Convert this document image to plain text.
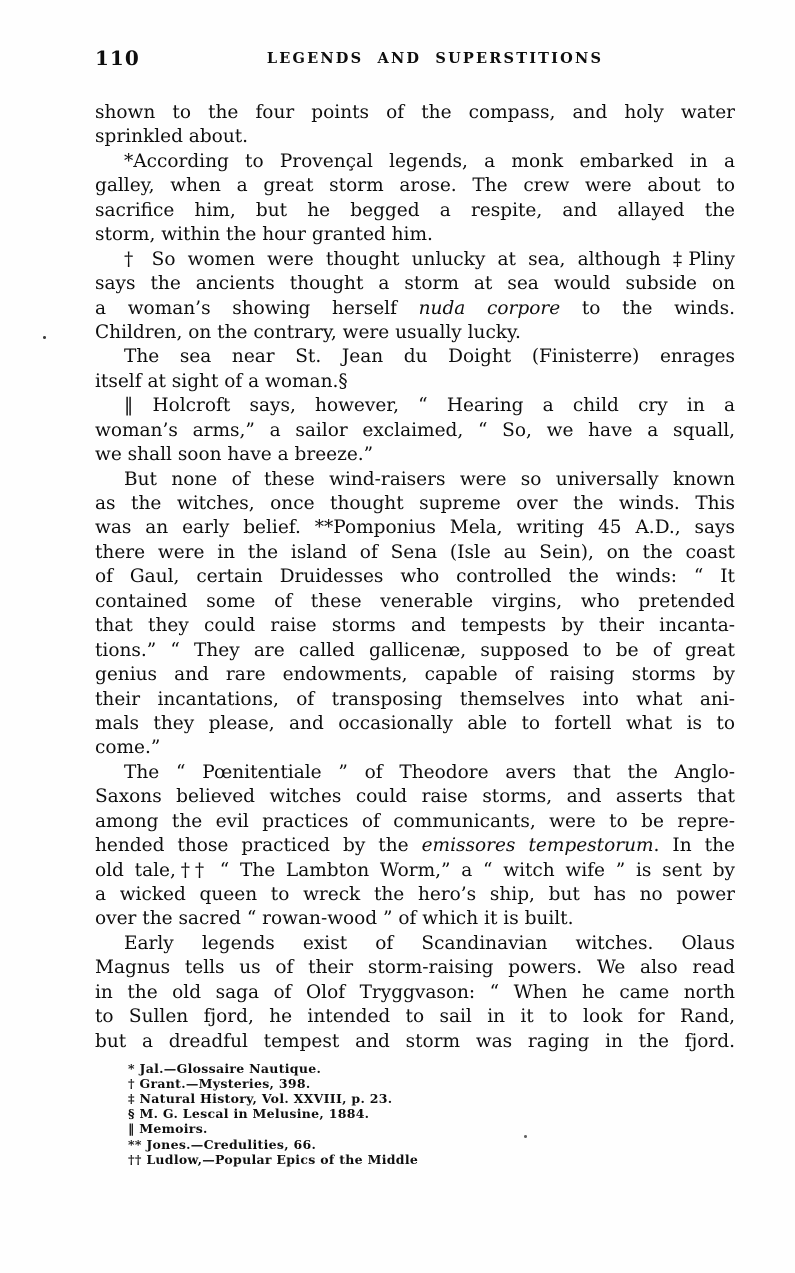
110	LEGENDS AND SUPERSTITIONS
shown to the four points of the compass, and holy water
sprinkled about.
*According to Provençal legends, a monk embarked in a
galley, when a great storm arose. The crew were about to
sacrifice him, but he begged a respite, and allayed the
storm, within the hour granted him.
† So women were thought unlucky at sea, although ‡Pliny
says the ancients thought a storm at sea would subside on
a woman’s showing herself nuda corpore to the winds.
Children, on the contrary, were usually lucky.
The sea near St. Jean du Doight (Finisterre) enrages
itself at sight of a woman.§
‖ Holcroft says, however, “ Hearing a child cry in a
woman’s arms,” a sailor exclaimed, “ So, we have a squall,
we shall soon have a breeze.”
But none of these wind-raisers were so universally known
as the witches, once thought supreme over the winds. This
was an early belief. **Pomponius Mela, writing 45 A.D., says
there were in the island of Sena (Isle au Sein), on the coast
of Gaul, certain Druidesses who controlled the winds: “ It
contained some of these venerable virgins, who pretended
that they could raise storms and tempests by their incanta-
tions.” “ They are called gallicenæ, supposed to be of great
genius and rare endowments, capable of raising storms by
their incantations, of transposing themselves into what ani-
mals they please, and occasionally able to fortell what is to
come.”
The “ Pœnitentiale ” of Theodore avers that the Anglo-
Saxons believed witches could raise storms, and asserts that
among the evil practices of communicants, were to be repre-
hended those practiced by the emissores tempestorum. In the
old tale,†† “ The Lambton Worm,” a “ witch wife ” is sent by
a wicked queen to wreck the hero’s ship, but has no power
over the sacred “ rowan-wood ” of which it is built.
Early legends exist of Scandinavian witches. Olaus
Magnus tells us of their storm-raising powers. We also read
in the old saga of Olof Tryggvason: “ When he came north
to Sullen fjord, he intended to sail in it to look for Rand,
but a dreadful tempest and storm was raging in the fjord.
* Jal.—Glossaire Nautique.
† Grant.—Mysteries, 398.
‡ Natural History, Vol. XXVIII, p. 23.
§ M. G. Lescal in Melusine, 1884.
‖ Memoirs.
** Jones.—Credulities, 66.
†† Ludlow,—Popular Epics of the Middle
